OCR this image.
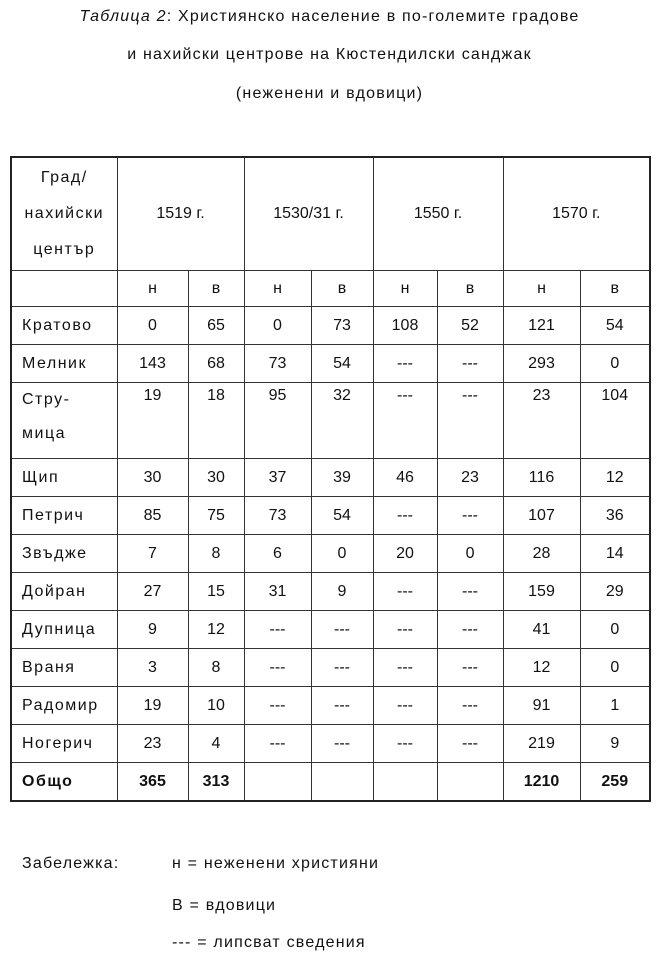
Таблица 2: Християнско население в по-големите градове
и нахийски центрове на Кюстендилски санджак
(неженени и вдовици)
Град/
нахийски
център	1519 г.		1530/31 г.		1550 г.		1570 г.	
	н	в	н	в	н	в	н	в
Кратово	0	65	0	73	108	52	121	54
Мелник	143	68	73	54	---	---	293	0

Стру-
мица	19	18	95	32	---	---	23	104
Щип	30	30	37	39	46	23	116	12
Петрич	85	75	73	54	---	---	107	36
Звъдже	7	8	6	0	20	0	28	14
Дойран	27	15	31	9	---	---	159	29
Дупница	9	12	---	---	---	---	41	0
Враня	3	8	---	---	---	---	12	0
Радомир	19	10	---	---	---	---	91	1
Ногерич	23	4	---	---	---	---	219	9
Общо	365	313					1210	259
Забележка:	н = неженени християни
В = вдовици
--- = липсват сведения
